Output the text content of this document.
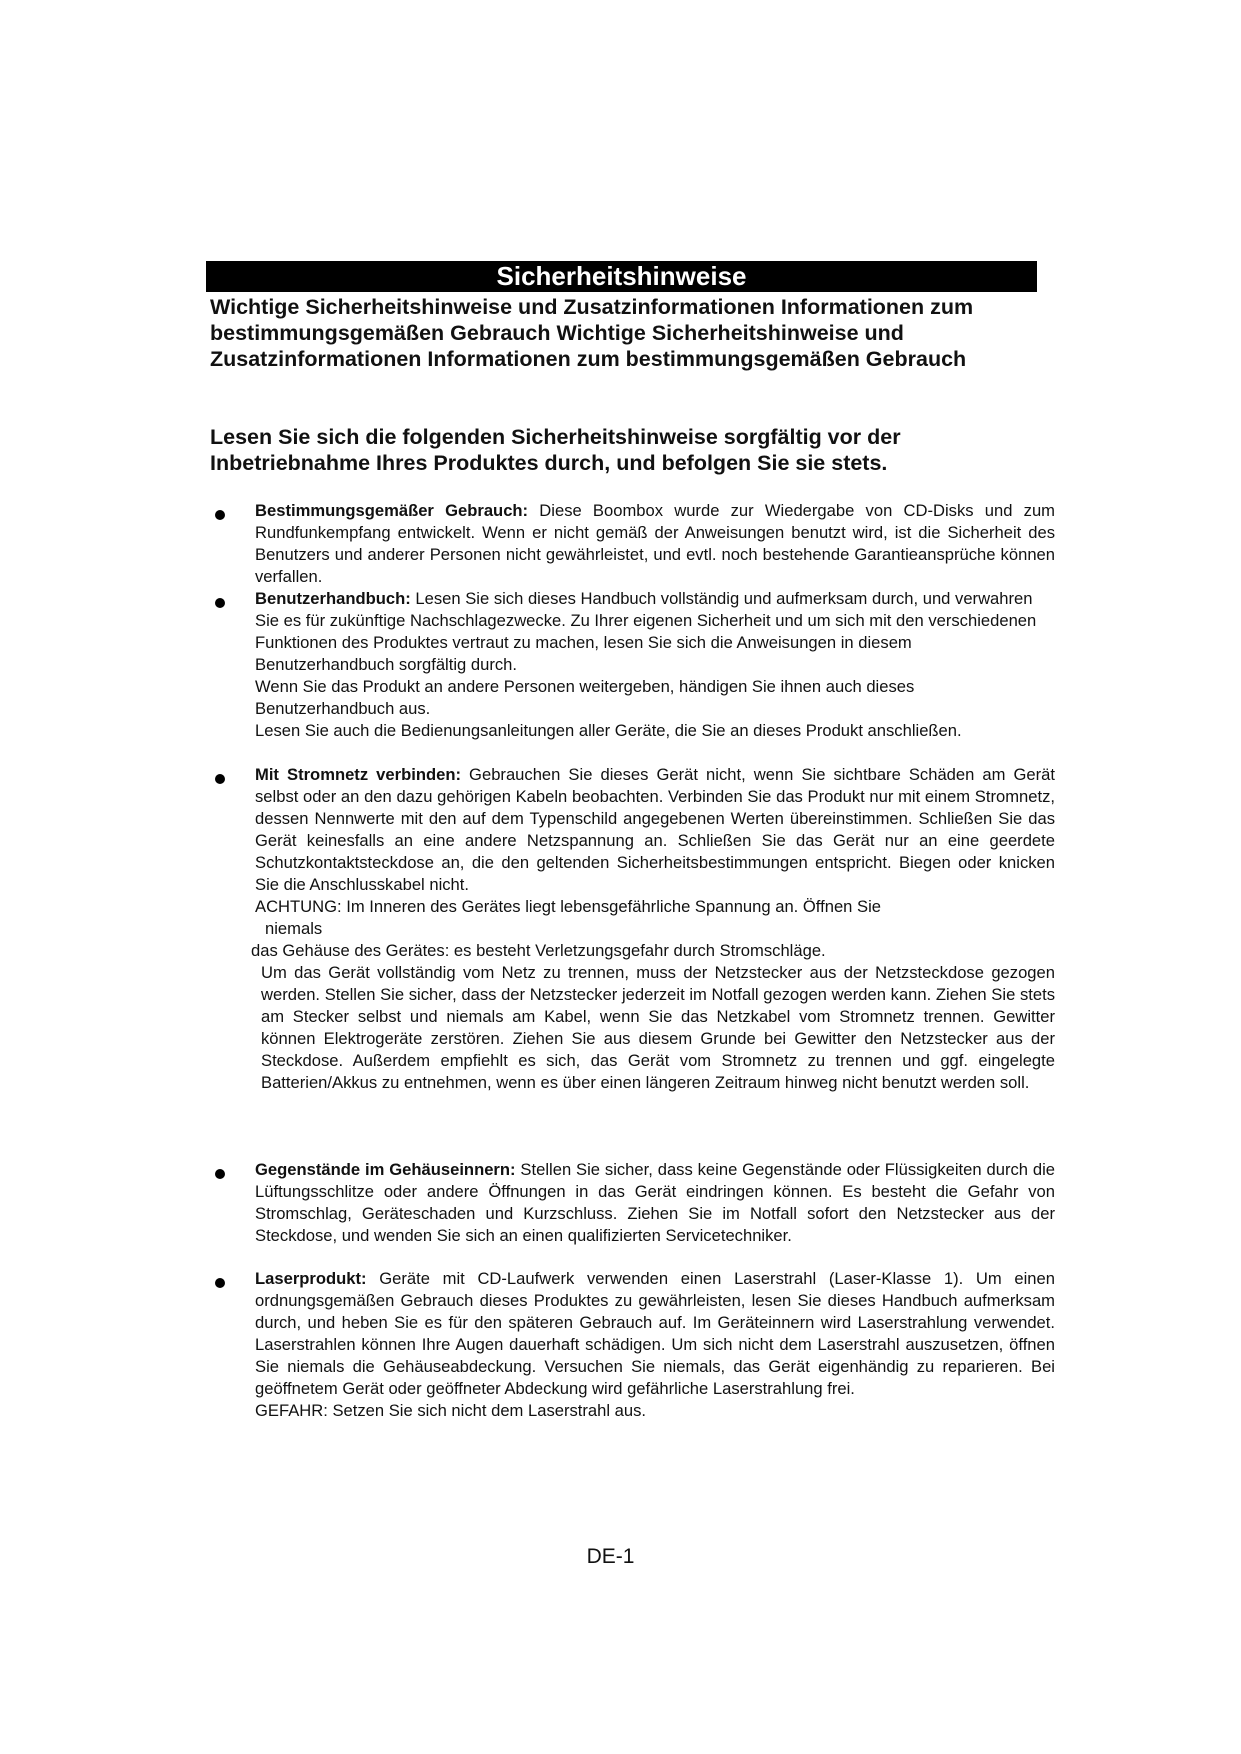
Sicherheitshinweise
Wichtige Sicherheitshinweise und Zusatzinformationen Informationen zum bestimmungsgemäßen Gebrauch Wichtige Sicherheitshinweise und Zusatzinformationen Informationen zum bestimmungsgemäßen Gebrauch
Lesen Sie sich die folgenden Sicherheitshinweise sorgfältig vor der Inbetriebnahme Ihres Produktes durch, und befolgen Sie sie stets.

Bestimmungsgemäßer Gebrauch: Diese Boombox wurde zur Wiedergabe von CD-Disks und zum Rundfunkempfang entwickelt. Wenn er nicht gemäß der Anweisungen benutzt wird, ist die Sicherheit des Benutzers und anderer Personen nicht gewährleistet, und evtl. noch bestehende Garantieansprüche können verfallen.

Benutzerhandbuch: Lesen Sie sich dieses Handbuch vollständig und aufmerksam durch, und verwahren Sie es für zukünftige Nachschlagezwecke. Zu Ihrer eigenen Sicherheit und um sich mit den verschiedenen Funktionen des Produktes vertraut zu machen, lesen Sie sich die Anweisungen in diesem Benutzerhandbuch sorgfältig durch.

Wenn Sie das Produkt an andere Personen weitergeben, händigen Sie ihnen auch dieses Benutzerhandbuch aus.

Lesen Sie auch die Bedienungsanleitungen aller Geräte, die Sie an dieses Produkt anschließen.

Mit Stromnetz verbinden: Gebrauchen Sie dieses Gerät nicht, wenn Sie sichtbare Schäden am Gerät selbst oder an den dazu gehörigen Kabeln beobachten. Verbinden Sie das Produkt nur mit einem Stromnetz, dessen Nennwerte mit den auf dem Typenschild angegebenen Werten übereinstimmen. Schließen Sie das Gerät keinesfalls an eine andere Netzspannung an. Schließen Sie das Gerät nur an eine geerdete Schutzkontaktsteckdose an, die den geltenden Sicherheitsbestimmungen entspricht. Biegen oder knicken Sie die Anschlusskabel nicht.

ACHTUNG: Im Inneren des Gerätes liegt lebensgefährliche Spannung an. Öffnen Sie

niemals

das Gehäuse des Gerätes: es besteht Verletzungsgefahr durch Stromschläge.

Um das Gerät vollständig vom Netz zu trennen, muss der Netzstecker aus der Netzsteckdose gezogen werden. Stellen Sie sicher, dass der Netzstecker jederzeit im Notfall gezogen werden kann. Ziehen Sie stets am Stecker selbst und niemals am Kabel, wenn Sie das Netzkabel vom Stromnetz trennen. Gewitter können Elektrogeräte zerstören. Ziehen Sie aus diesem Grunde bei Gewitter den Netzstecker aus der Steckdose. Außerdem empfiehlt es sich, das Gerät vom Stromnetz zu trennen und ggf. eingelegte Batterien/Akkus zu entnehmen, wenn es über einen längeren Zeitraum hinweg nicht benutzt werden soll.

Gegenstände im Gehäuseinnern: Stellen Sie sicher, dass keine Gegenstände oder Flüssigkeiten durch die Lüftungsschlitze oder andere Öffnungen in das Gerät eindringen können. Es besteht die Gefahr von Stromschlag, Geräteschaden und Kurzschluss. Ziehen Sie im Notfall sofort den Netzstecker aus der Steckdose, und wenden Sie sich an einen qualifizierten Servicetechniker.

Laserprodukt: Geräte mit CD-Laufwerk verwenden einen Laserstrahl (Laser-Klasse 1). Um einen ordnungsgemäßen Gebrauch dieses Produktes zu gewährleisten, lesen Sie dieses Handbuch aufmerksam durch, und heben Sie es für den späteren Gebrauch auf. Im Geräteinnern wird Laserstrahlung verwendet. Laserstrahlen können Ihre Augen dauerhaft schädigen. Um sich nicht dem Laserstrahl auszusetzen, öffnen Sie niemals die Gehäuseabdeckung. Versuchen Sie niemals, das Gerät eigenhändig zu reparieren. Bei geöffnetem Gerät oder geöffneter Abdeckung wird gefährliche Laserstrahlung frei.

GEFAHR: Setzen Sie sich nicht dem Laserstrahl aus.

DE-1
